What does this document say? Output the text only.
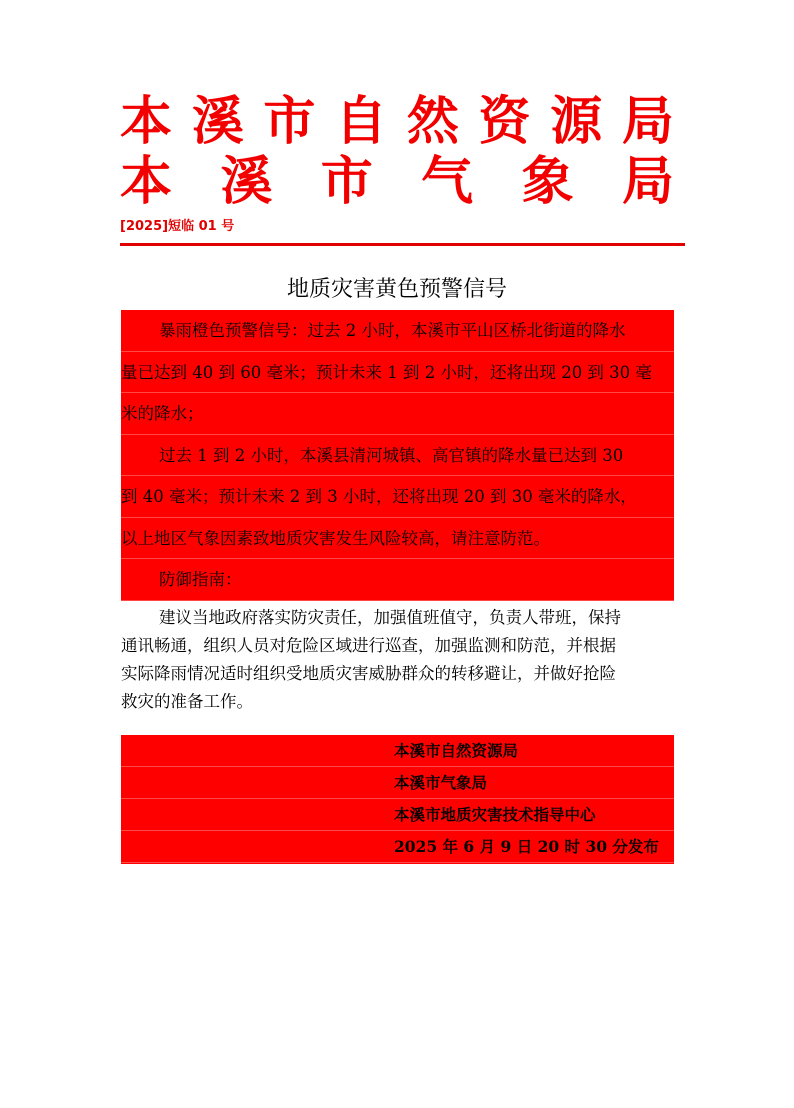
本 溪 市 自 然 资 源 局
本 溪 市 气 象 局
[2025]短临 01 号
地质灾害黄色预警信号
暴雨橙色预警信号：过去 2 小时，本溪市平山区桥北街道的降水
量已达到 40 到 60 毫米；预计未来 1 到 2 小时，还将出现 20 到 30 毫
米的降水；
过去 1 到 2 小时，本溪县清河城镇、高官镇的降水量已达到 30
到 40 毫米；预计未来 2 到 3 小时，还将出现 20 到 30 毫米的降水，
以上地区气象因素致地质灾害发生风险较高，请注意防范。
防御指南：
建议当地政府落实防灾责任，加强值班值守，负责人带班，保持
通讯畅通，组织人员对危险区域进行巡查，加强监测和防范，并根据
实际降雨情况适时组织受地质灾害威胁群众的转移避让，并做好抢险
救灾的准备工作。
本溪市自然资源局
本溪市气象局
本溪市地质灾害技术指导中心
2025 年 6 月 9 日 20 时 30 分发布
